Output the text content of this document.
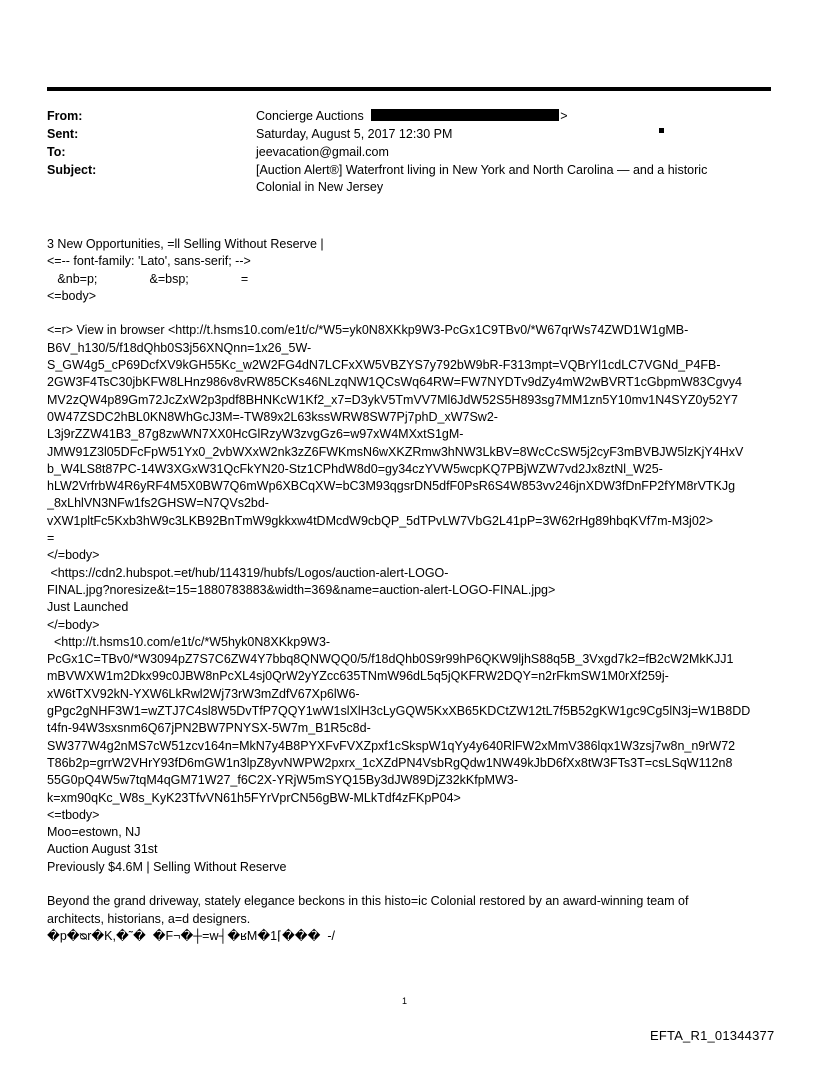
From:	Concierge Auctions	>
Sent:	Saturday, August 5, 2017 12:30 PM
To:	jeevacation@gmail.com
Subject:	[Auction Alert®] Waterfront living in New York and North Carolina — and a historic
Colonial in New Jersey
3 New Opportunities, =ll Selling Without Reserve |
<=-- font-family: 'Lato', sans-serif; -->
&nb=p;               &=bsp;               =
<=body>
<=r> View in browser <http://t.hsms10.com/e1t/c/*W5=yk0N8XKkp9W3-PcGx1C9TBv0/*W67qrWs74ZWD1W1gMB-
B6V_h130/5/f18dQhb0S3j56XNQnn=1x26_5W-
S_GW4g5_cP69DcfXV9kGH55Kc_w2W2FG4dN7LCFxXW5VBZYS7y792bW9bR-F313mpt=VQBrYl1cdLC7VGNd_P4FB-
2GW3F4TsC30jbKFW8LHnz986v8vRW85CKs46NLzqNW1QCsWq64RW=FW7NYDTv9dZy4mW2wBVRT1cGbpmW83Cgvy4
MV2zQW4p89Gm72JcZxW2p3pdf8BHNKcW1Kf2_x7=D3ykV5TmVV7Ml6JdW52S5H893sg7MM1zn5Y10mv1N4SYZ0y52Y7
0W47ZSDC2hBL0KN8WhGcJ3M=-TW89x2L63kssWRW8SW7Pj7phD_xW7Sw2-
L3j9rZZW41B3_87g8zwWN7XX0HcGlRzyW3zvgGz6=w97xW4MXxtS1gM-
JMW91Z3l05DFcFpW51Yx0_2vbWXxW2nk3zZ6FWKmsN6wXKZRmw3hNW3LkBV=8WcCcSW5j2cyF3mBVBJW5lzKjY4HxV
b_W4LS8t87PC-14W3XGxW31QcFkYN20-Stz1CPhdW8d0=gy34czYVW5wcpKQ7PBjWZW7vd2Jx8ztNl_W25-
hLW2VrfrbW4R6yRF4M5X0BW7Q6mWp6XBCqXW=bC3M93qgsrDN5dfF0PsR6S4W853vv246jnXDW3fDnFP2fYM8rVTKJg
_8xLhlVN3NFw1fs2GHSW=N7QVs2bd-
vXW1pltFc5Kxb3hW9c3LKB92BnTmW9gkkxw4tDMcdW9cbQP_5dTPvLW7VbG2L41pP=3W62rHg89hbqKVf7m-M3j02>
=
</=body>
<https://cdn2.hubspot.=et/hub/114319/hubfs/Logos/auction-alert-LOGO-
FINAL.jpg?noresize&t=15=1880783883&width=369&name=auction-alert-LOGO-FINAL.jpg>
Just Launched
</=body>
<http://t.hsms10.com/e1t/c/*W5hyk0N8XKkp9W3-
PcGx1C=TBv0/*W3094pZ7S7C6ZW4Y7bbq8QNWQQ0/5/f18dQhb0S9r99hP6QKW9ljhS88q5B_3Vxgd7k2=fB2cW2MkKJJ1
mBVWXW1m2Dkx99c0JBW8nPcXL4sj0QrW2yYZcc635TNmW96dL5q5jQKFRW2DQY=n2rFkmSW1M0rXf259j-
xW6tTXV92kN-YXW6LkRwl2Wj73rW3mZdfV67Xp6lW6-
gPgc2gNHF3W1=wZTJ7C4sl8W5DvTfP7QQY1wW1slXlH3cLyGQW5KxXB65KDCtZW12tL7f5B52gKW1gc9Cg5lN3j=W1B8DD
t4fn-94W3sxsnm6Q67jPN2BW7PNYSX-5W7m_B1R5c8d-
SW377W4g2nMS7cW51zcv164n=MkN7y4B8PYXFvFVXZpxf1cSkspW1qYy4y640RlFW2xMmV386lqx1W3zsj7w8n_n9rW72
T86b2p=grrW2VHrY93fD6mGW1n3lpZ8yvNWPW2pxrx_1cXZdPN4VsbRgQdw1NW49kJbD6fXx8tW3FTs3T=csLSqW112n8
55G0pQ4W5w7tqM4qGM71W27_f6C2X-YRjW5mSYQ15By3dJW89DjZ32kKfpMW3-
k=xm90qKc_W8s_KyK23TfvVN61h5FYrVprCN56gBW-MLkTdf4zFKpP04>
<=tbody>
Moo=estown, NJ
Auction August 31st
Previously $4.6M | Selling Without Reserve
Beyond the grand driveway, stately elegance beckons in this histo=ic Colonial restored by an award-winning team of
architects, historians, a=d designers.
�p�ᴓr�K,�˜�  �F¬�┼=w┤�ʁM�1⌈���  -/
1
EFTA_R1_01344377
